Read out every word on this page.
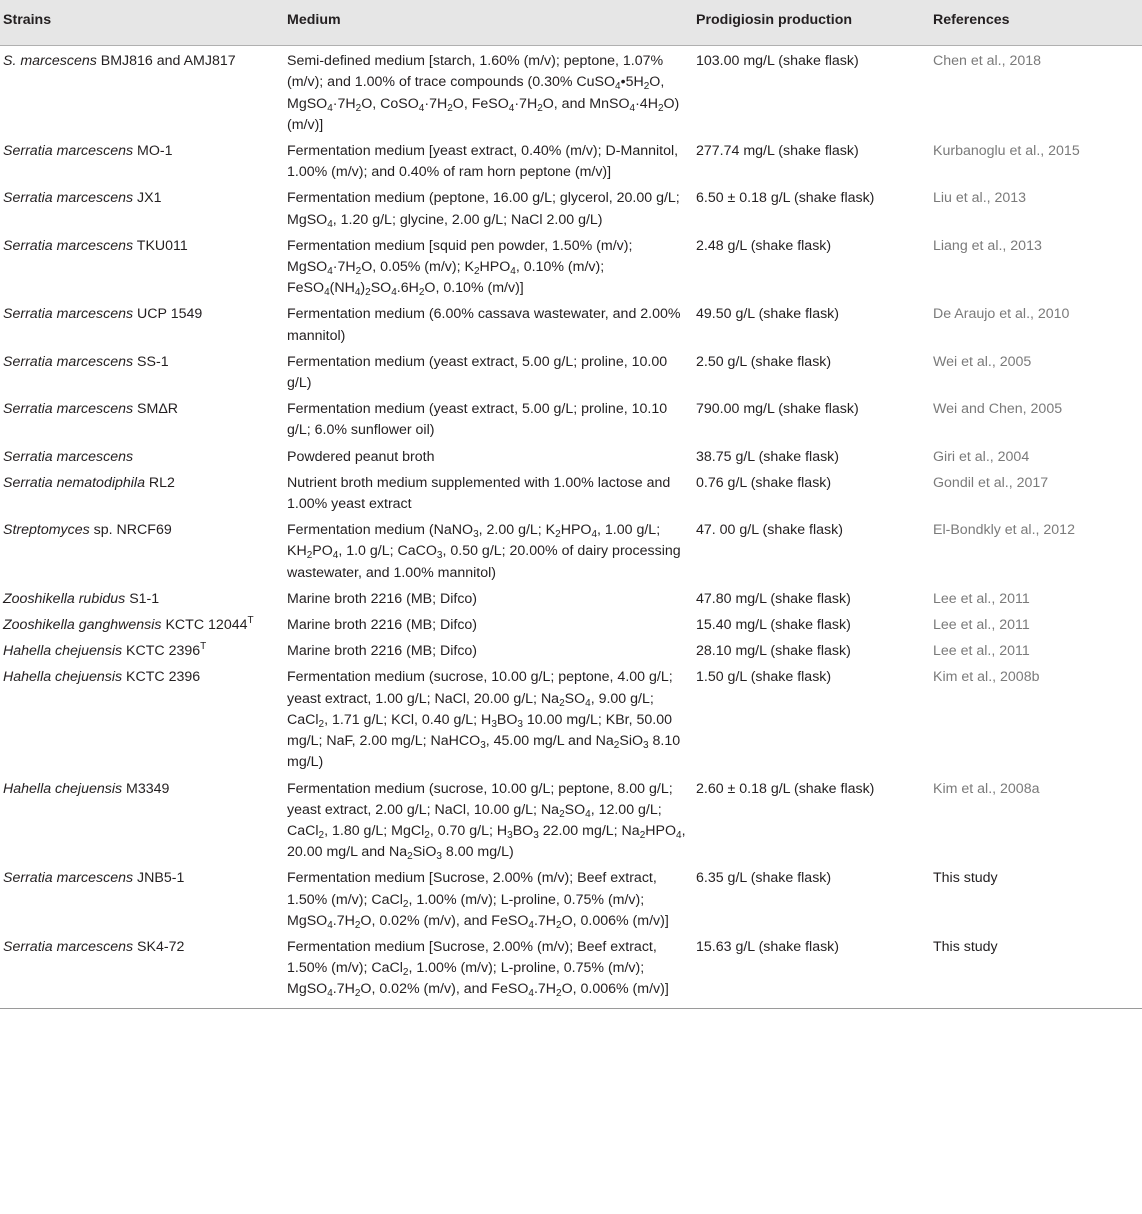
Strains	Medium	Prodigiosin production	References
S. marcescens BMJ816 and AMJ817	Semi-defined medium [starch, 1.60% (m/v); peptone, 1.07% (m/v); and 1.00% of trace compounds (0.30% $CuSO_4•5H_2O$, $MgSO_4\cdot 7H_2O$, $CoSO_4\cdot 7H_2O$, $FeSO_4\cdot 7H_2O$, and $MnSO_4\cdot 4H_2O$) (m/v)]	103.00 mg/L (shake flask)	Chen et al., 2018
Serratia marcescens MO-1	Fermentation medium [yeast extract, 0.40% (m/v); D-Mannitol, 1.00% (m/v); and 0.40% of ram horn peptone (m/v)]	277.74 mg/L (shake flask)	Kurbanoglu et al., 2015
Serratia marcescens JX1	Fermentation medium (peptone, 16.00 g/L; glycerol, 20.00 g/L; MgSO$_4$, 1.20 g/L; glycine, 2.00 g/L; NaCl 2.00 g/L)	6.50 ± 0.18 g/L (shake flask)	Liu et al., 2013
Serratia marcescens TKU011	Fermentation medium [squid pen powder, 1.50% (m/v); $MgSO_4\cdot 7H_2O$, 0.05% (m/v); $K_2HPO_4$, 0.10% (m/v); $FeSO_4(NH_4)_2SO_4.6H_2O$, 0.10% (m/v)]	2.48 g/L (shake flask)	Liang et al., 2013
Serratia marcescens UCP 1549	Fermentation medium (6.00% cassava wastewater, and 2.00% mannitol)	49.50 g/L (shake flask)	De Araujo et al., 2010
Serratia marcescens SS-1	Fermentation medium (yeast extract, 5.00 g/L; proline, 10.00 g/L)	2.50 g/L (shake flask)	Wei et al., 2005
Serratia marcescens SMΔR	Fermentation medium (yeast extract, 5.00 g/L; proline, 10.10 g/L; 6.0% sunflower oil)	790.00 mg/L (shake flask)	Wei and Chen, 2005
Serratia marcescens	Powdered peanut broth	38.75 g/L (shake flask)	Giri et al., 2004
Serratia nematodiphila RL2	Nutrient broth medium supplemented with 1.00% lactose and 1.00% yeast extract	0.76 g/L (shake flask)	Gondil et al., 2017
Streptomyces sp. NRCF69	Fermentation medium (NaNO$_3$, 2.00 g/L; $K_2HPO_4$, 1.00 g/L; $KH_2PO_4$, 1.0 g/L; CaCO$_3$, 0.50 g/L; 20.00% of dairy processing wastewater, and 1.00% mannitol)	47. 00 g/L (shake flask)	El-Bondkly et al., 2012
Zooshikella rubidus S1-1	Marine broth 2216 (MB; Difco)	47.80 mg/L (shake flask)	Lee et al., 2011
Zooshikella ganghwensis KCTC $12044^T$	Marine broth 2216 (MB; Difco)	15.40 mg/L (shake flask)	Lee et al., 2011
Hahella chejuensis KCTC $2396^T$	Marine broth 2216 (MB; Difco)	28.10 mg/L (shake flask)	Lee et al., 2011
Hahella chejuensis KCTC 2396	Fermentation medium (sucrose, 10.00 g/L; peptone, 4.00 g/L; yeast extract, 1.00 g/L; NaCl, 20.00 g/L; $Na_2SO_4$, 9.00 g/L; CaCl$_2$, 1.71 g/L; KCl, 0.40 g/L; $H_3BO_3$ 10.00 mg/L; KBr, 50.00 mg/L; NaF, 2.00 mg/L; NaHCO$_3$, 45.00 mg/L and $Na_2SiO_3$ 8.10 mg/L)	1.50 g/L (shake flask)	Kim et al., 2008b
Hahella chejuensis M3349	Fermentation medium (sucrose, 10.00 g/L; peptone, 8.00 g/L; yeast extract, 2.00 g/L; NaCl, 10.00 g/L; $Na_2SO_4$, 12.00 g/L; CaCl$_2$, 1.80 g/L; MgCl$_2$, 0.70 g/L; $H_3BO_3$ 22.00 mg/L; $Na_2HPO_4$, 20.00 mg/L and $Na_2SiO_3$ 8.00 mg/L)	2.60 ± 0.18 g/L (shake flask)	Kim et al., 2008a
Serratia marcescens JNB5-1	Fermentation medium [Sucrose, 2.00% (m/v); Beef extract, 1.50% (m/v); CaCl$_2$, 1.00% (m/v); L-proline, 0.75% (m/v); $MgSO_4.7H_2O$, 0.02% (m/v), and $FeSO_4.7H_2O$, 0.006% (m/v)]	6.35 g/L (shake flask)	This study
Serratia marcescens SK4-72	Fermentation medium [Sucrose, 2.00% (m/v); Beef extract, 1.50% (m/v); CaCl$_2$, 1.00% (m/v); L-proline, 0.75% (m/v); $MgSO_4.7H_2O$, 0.02% (m/v), and $FeSO_4.7H_2O$, 0.006% (m/v)]	15.63 g/L (shake flask)	This study
